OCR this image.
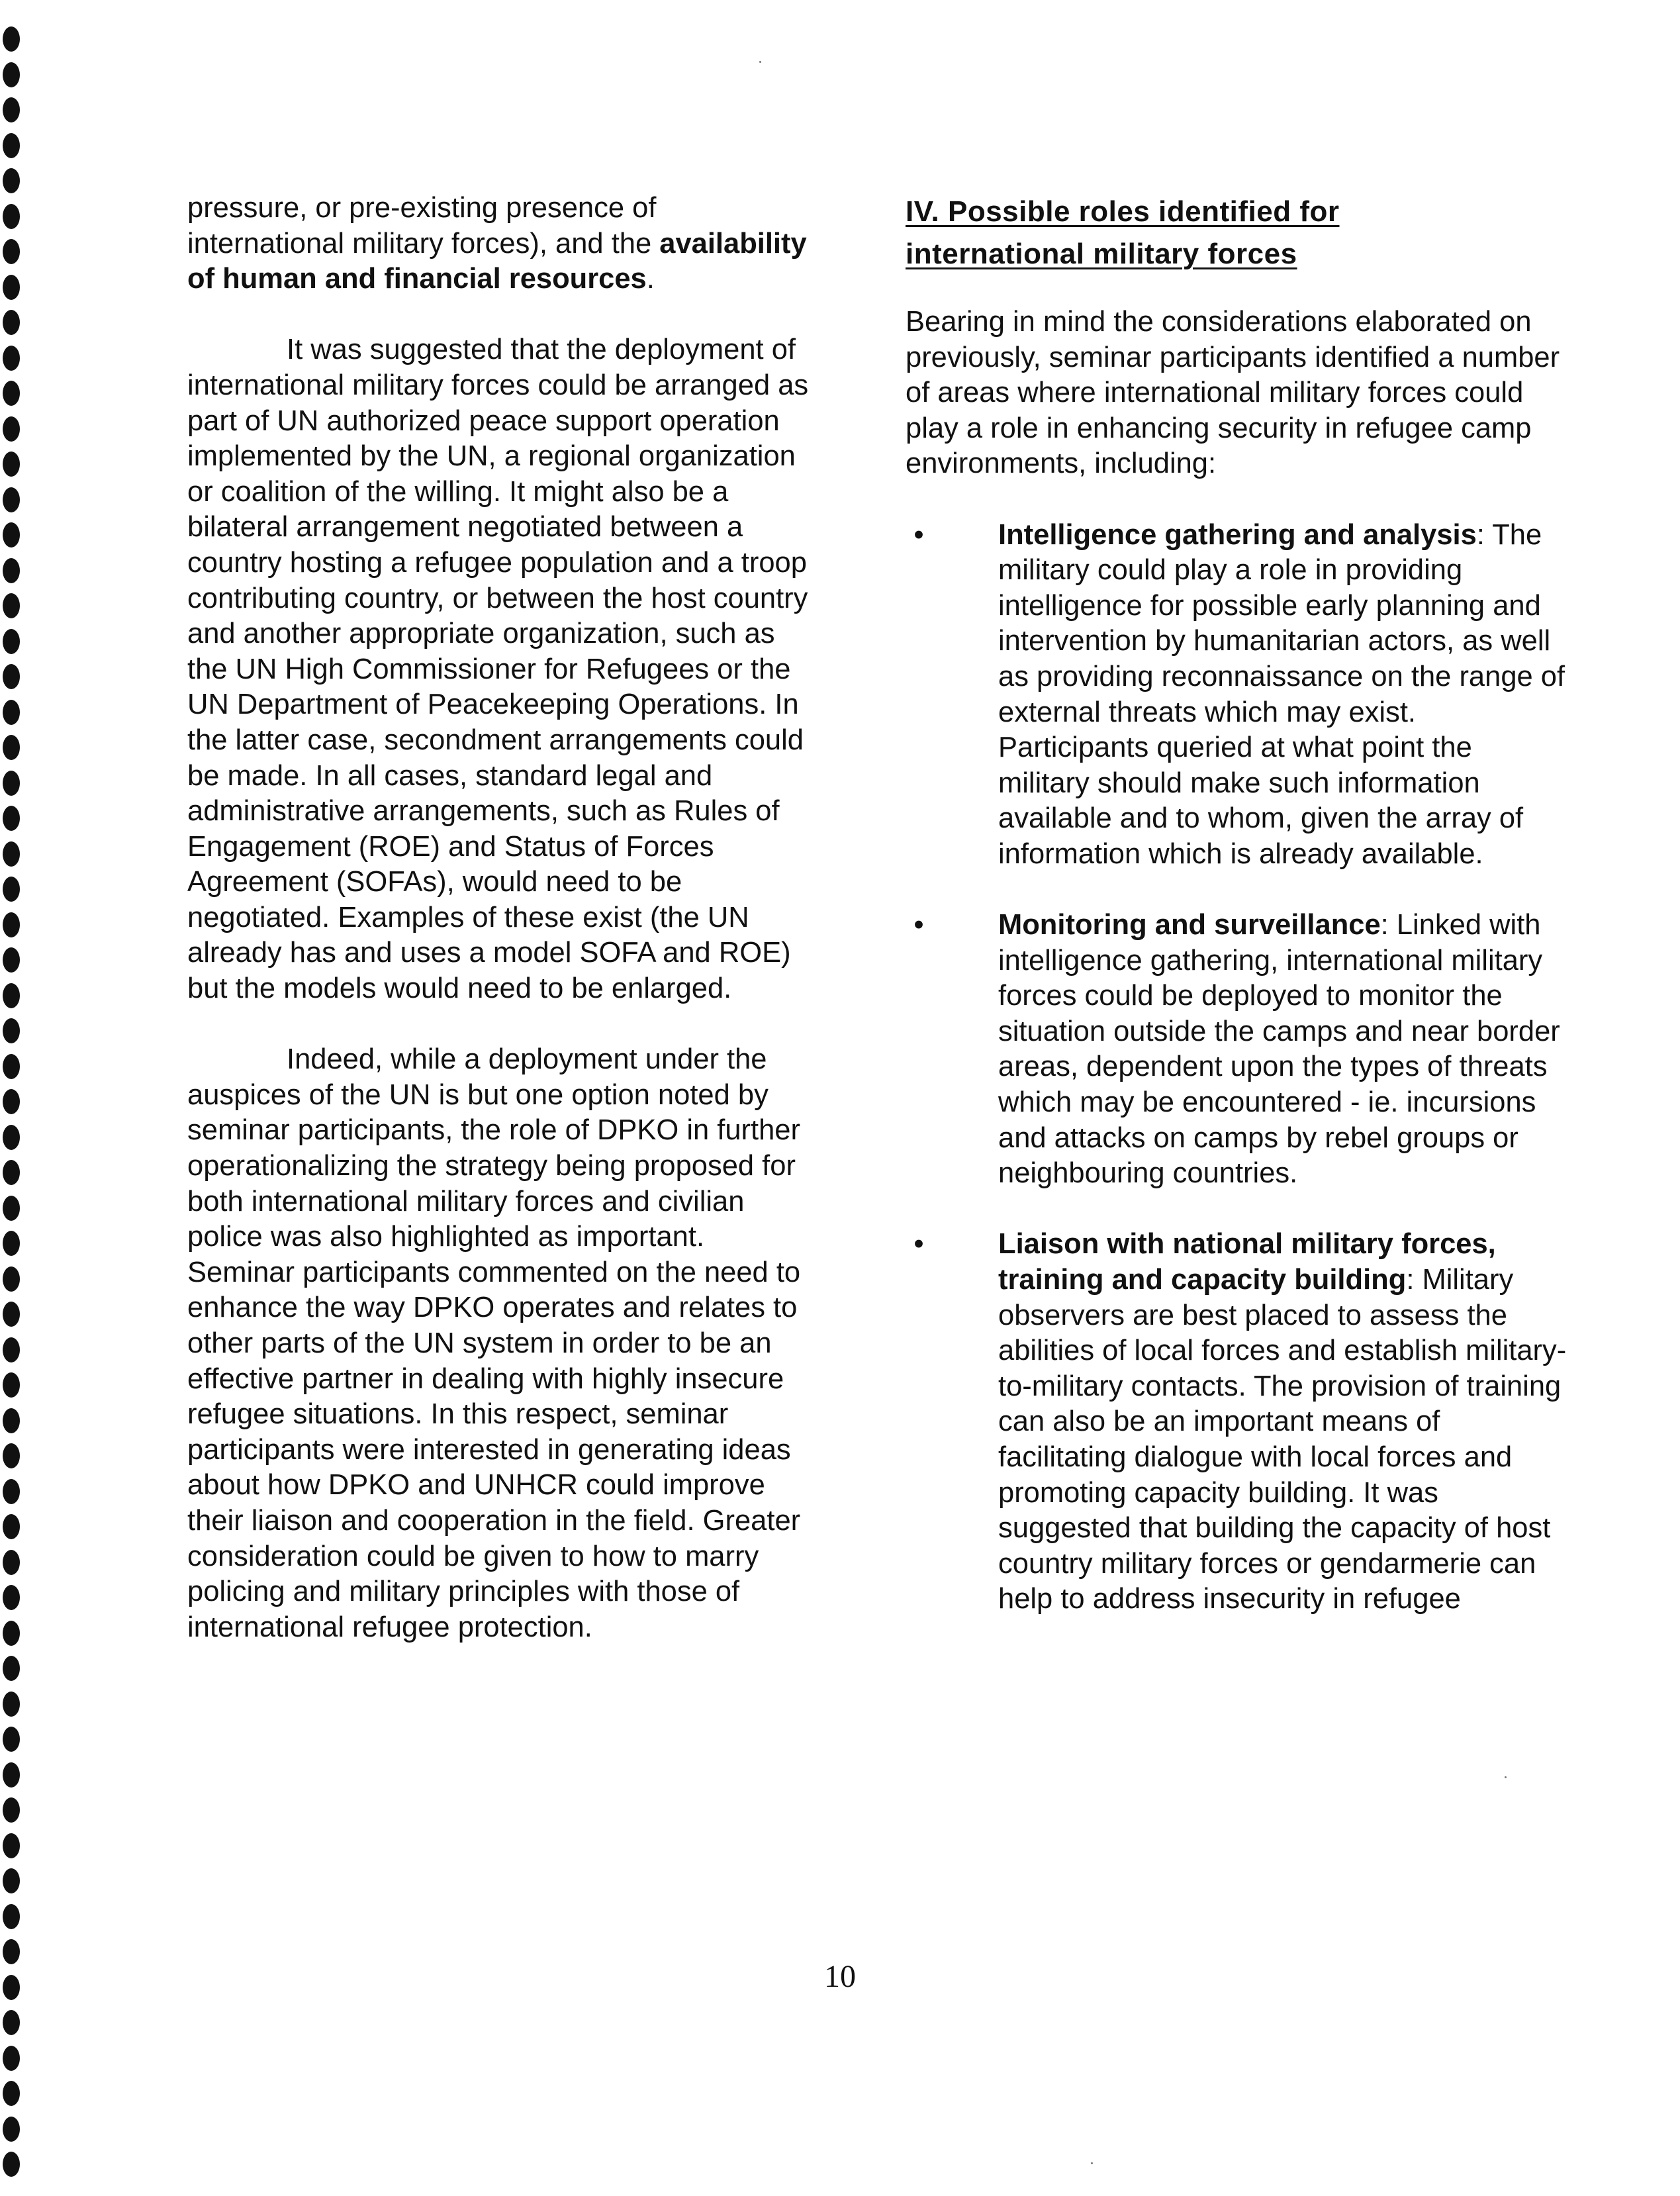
pressure, or pre-existing presence of international military forces), and the availability of human and financial resources.

It was suggested that the deployment of international military forces could be arranged as part of UN authorized peace support operation implemented by the UN, a regional organization or coalition of the willing. It might also be a bilateral arrangement negotiated between a country hosting a refugee population and a troop contributing country, or between the host country and another appropriate organization, such as the UN High Commissioner for Refugees or the UN Department of Peacekeeping Operations. In the latter case, secondment arrangements could be made. In all cases, standard legal and administrative arrangements, such as Rules of Engagement (ROE) and Status of Forces Agreement (SOFAs), would need to be negotiated. Examples of these exist (the UN already has and uses a model SOFA and ROE) but the models would need to be enlarged.

Indeed, while a deployment under the auspices of the UN is but one option noted by seminar participants, the role of DPKO in further operationalizing the strategy being proposed for both international military forces and civilian police was also highlighted as important. Seminar participants commented on the need to enhance the way DPKO operates and relates to other parts of the UN system in order to be an effective partner in dealing with highly insecure refugee situations. In this respect, seminar participants were interested in generating ideas about how DPKO and UNHCR could improve their liaison and cooperation in the field. Greater consideration could be given to how to marry policing and military principles with those of international refugee protection.

IV. Possible roles identified for
international military forces

Bearing in mind the considerations elaborated on previously, seminar participants identified a number of areas where international military forces could play a role in enhancing security in refugee camp environments, including:

•	Intelligence gathering and analysis: The military could play a role in providing intelligence for possible early planning and intervention by humanitarian actors, as well as providing reconnaissance on the range of external threats which may exist. Participants queried at what point the military should make such information available and to whom, given the array of information which is already available.
•	Monitoring and surveillance: Linked with intelligence gathering, international military forces could be deployed to monitor the situation outside the camps and near border areas, dependent upon the types of threats which may be encountered - ie. incursions and attacks on camps by rebel groups or neighbouring countries.
•	Liaison with national military forces, training and capacity building: Military observers are best placed to assess the abilities of local forces and establish military-to-military contacts. The provision of training can also be an important means of facilitating dialogue with local forces and promoting capacity building. It was suggested that building the capacity of host country military forces or gendarmerie can help to address insecurity in refugee
10
